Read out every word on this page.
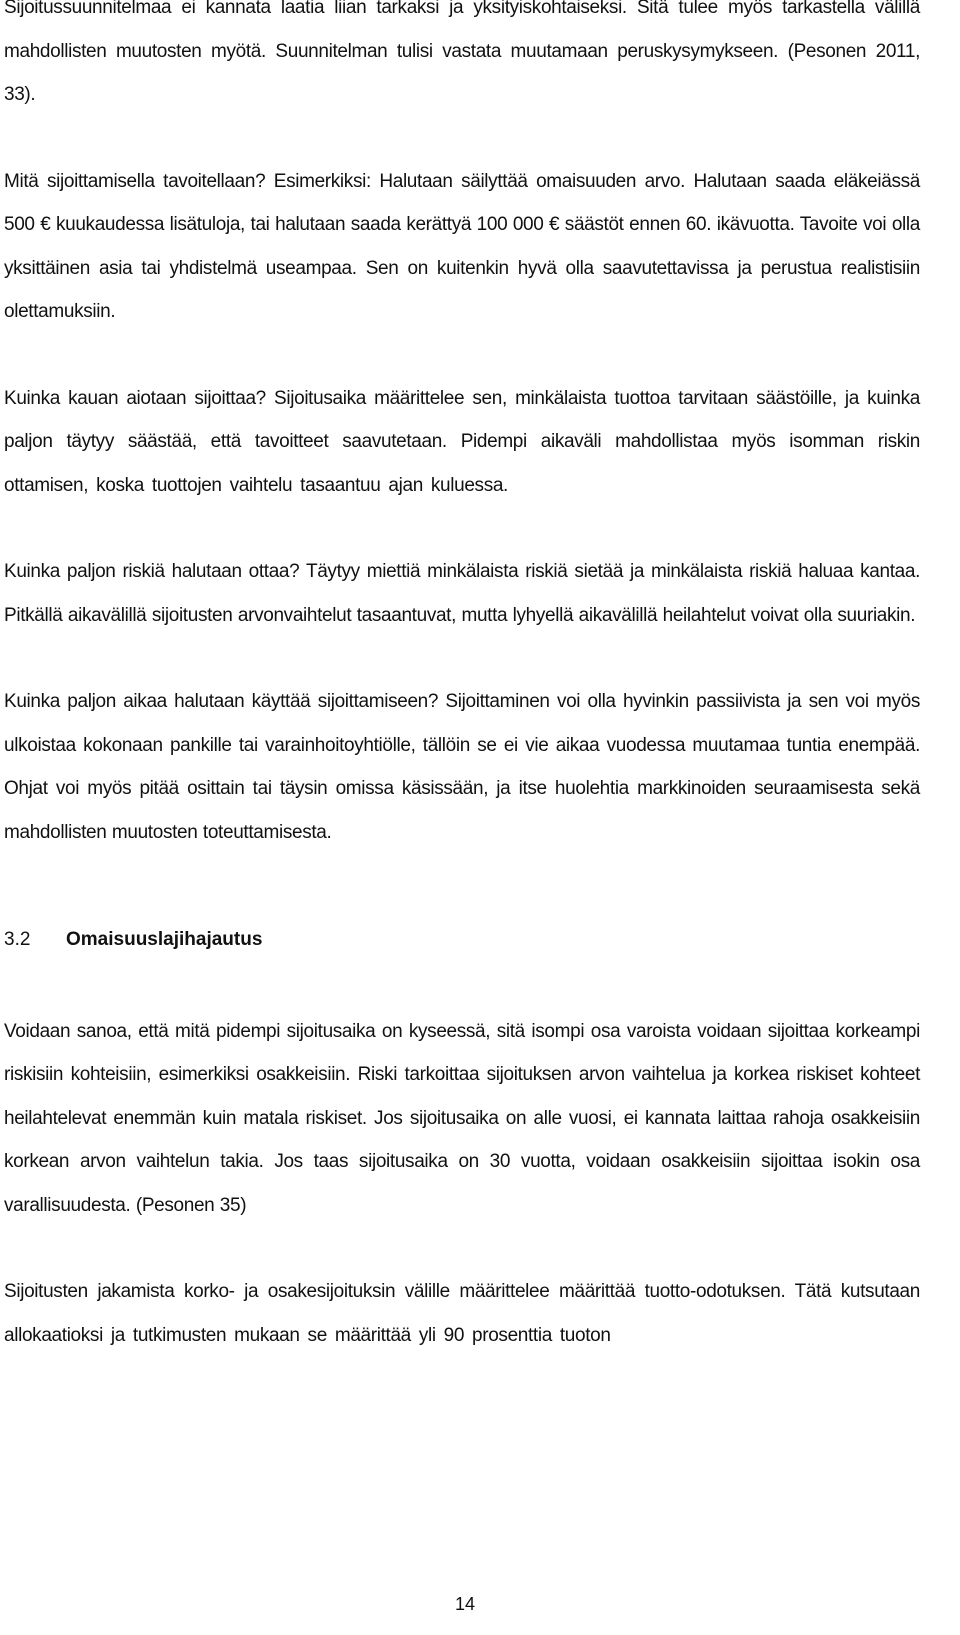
Sijoitussuunnitelmaa ei kannata laatia liian tarkaksi ja yksityiskohtaiseksi. Sitä tulee myös tarkastella välillä mahdollisten muutosten myötä. Suunnitelman tulisi vastata muutamaan peruskysymykseen. (Pesonen 2011, 33).

Mitä sijoittamisella tavoitellaan? Esimerkiksi: Halutaan säilyttää omaisuuden arvo. Halutaan saada eläkeiässä 500 € kuukaudessa lisätuloja, tai halutaan saada kerättyä 100 000 € säästöt ennen 60. ikävuotta. Tavoite voi olla yksittäinen asia tai yhdistelmä useampaa. Sen on kuitenkin hyvä olla saavutettavissa ja perustua realistisiin olettamuksiin.

Kuinka kauan aiotaan sijoittaa? Sijoitusaika määrittelee sen, minkälaista tuottoa tarvitaan säästöille, ja kuinka paljon täytyy säästää, että tavoitteet saavutetaan. Pidempi aikaväli mahdollistaa myös isomman riskin ottamisen, koska tuottojen vaihtelu tasaantuu ajan kuluessa.

Kuinka paljon riskiä halutaan ottaa? Täytyy miettiä minkälaista riskiä sietää ja minkälaista riskiä haluaa kantaa. Pitkällä aikavälillä sijoitusten arvonvaihtelut tasaantuvat, mutta lyhyellä aikavälillä heilahtelut voivat olla suuriakin.

Kuinka paljon aikaa halutaan käyttää sijoittamiseen? Sijoittaminen voi olla hyvinkin passiivista ja sen voi myös ulkoistaa kokonaan pankille tai varainhoitoyhtiölle, tällöin se ei vie aikaa vuodessa muutamaa tuntia enempää. Ohjat voi myös pitää osittain tai täysin omissa käsissään, ja itse huolehtia markkinoiden seuraamisesta sekä mahdollisten muutosten toteuttamisesta.

3.2	Omaisuuslajihajautus

Voidaan sanoa, että mitä pidempi sijoitusaika on kyseessä, sitä isompi osa varoista voidaan sijoittaa korkeampi riskisiin kohteisiin, esimerkiksi osakkeisiin. Riski tarkoittaa sijoituksen arvon vaihtelua ja korkea riskiset kohteet heilahtelevat enemmän kuin matala riskiset. Jos sijoitusaika on alle vuosi, ei kannata laittaa rahoja osakkeisiin korkean arvon vaihtelun takia. Jos taas sijoitusaika on 30 vuotta, voidaan osakkeisiin sijoittaa isokin osa varallisuudesta. (Pesonen 35)

Sijoitusten jakamista korko- ja osakesijoituksin välille määrittelee määrittää tuotto-odotuksen. Tätä kutsutaan allokaatioksi ja tutkimusten mukaan se määrittää yli 90 prosenttia tuoton

14
